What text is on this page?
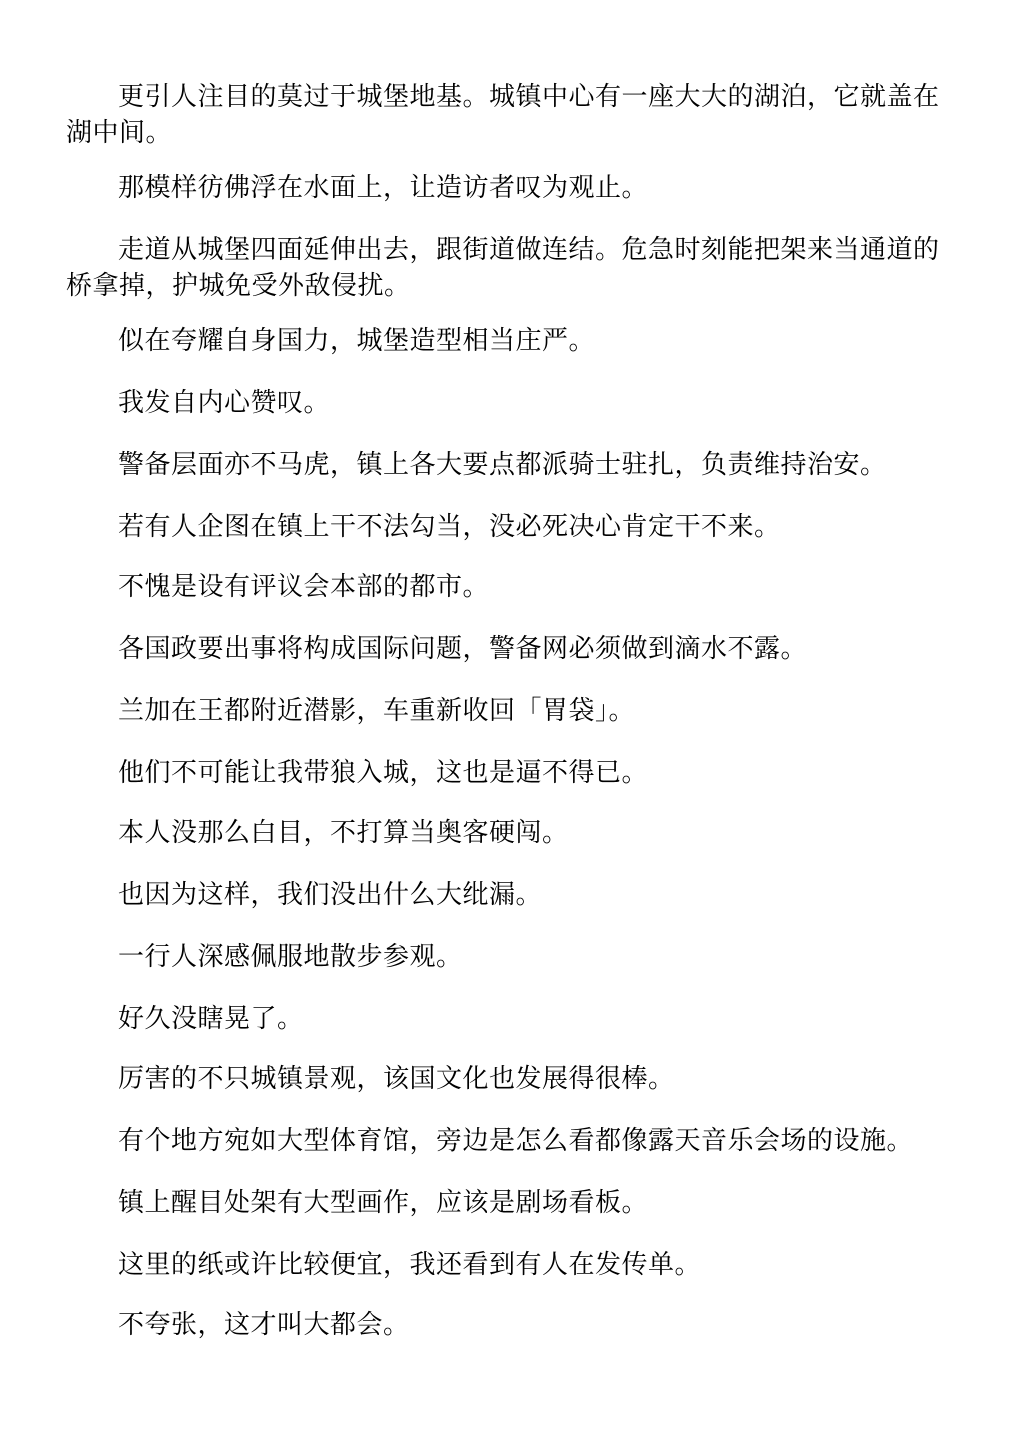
更引人注目的莫过于城堡地基。城镇中心有一座大大的湖泊，它就盖在湖中间。

那模样彷佛浮在水面上，让造访者叹为观止。

走道从城堡四面延伸出去，跟街道做连结。危急时刻能把架来当通道的桥拿掉，护城免受外敌侵扰。

似在夸耀自身国力，城堡造型相当庄严。

我发自内心赞叹。

警备层面亦不马虎，镇上各大要点都派骑士驻扎，负责维持治安。

若有人企图在镇上干不法勾当，没必死决心肯定干不来。

不愧是设有评议会本部的都市。

各国政要出事将构成国际问题，警备网必须做到滴水不露。

兰加在王都附近潜影，车重新收回「胃袋」。

他们不可能让我带狼入城，这也是逼不得已。

本人没那么白目，不打算当奥客硬闯。

也因为这样，我们没出什么大纰漏。

一行人深感佩服地散步参观。

好久没瞎晃了。

厉害的不只城镇景观，该国文化也发展得很棒。

有个地方宛如大型体育馆，旁边是怎么看都像露天音乐会场的设施。

镇上醒目处架有大型画作，应该是剧场看板。

这里的纸或许比较便宜，我还看到有人在发传单。

不夸张，这才叫大都会。
